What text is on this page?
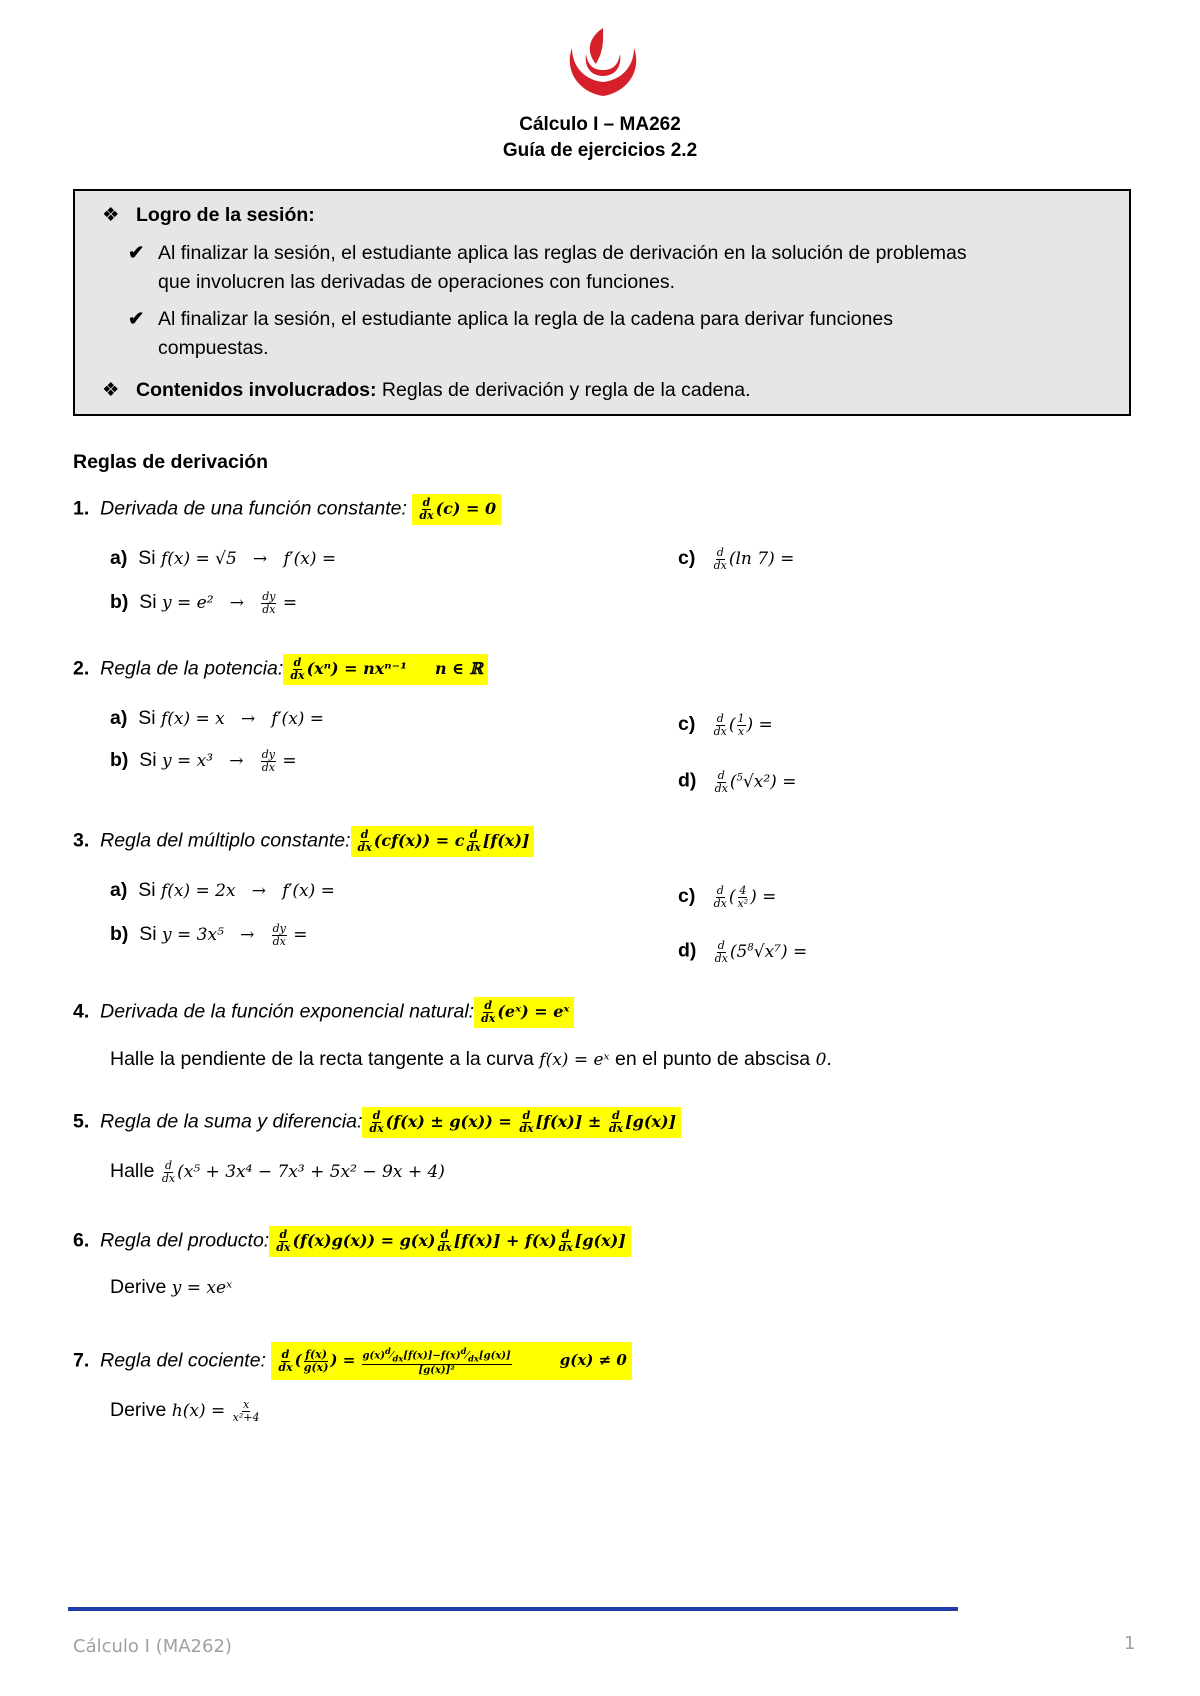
Cálculo I – MA262
Guía de ejercicios 2.2
❖ Logro de la sesión:
✔ Al finalizar la sesión, el estudiante aplica las reglas de derivación en la solución de problemas
que involucren las derivadas de operaciones con funciones.
✔ Al finalizar la sesión, el estudiante aplica la regla de la cadena para derivar funciones
compuestas.
❖ Contenidos involucrados: Reglas de derivación y regla de la cadena.
Reglas de derivación
1. Derivada de una función constante: $\frac{d}{dx} (c) = 0$
a) Si f(x) = √5   →   f′(x) =
b) Si $y = e^2 \to \frac{dy}{dx}$ =
$c) \frac{d}{dx} (\ln$ 7) =
2. Regla de la potencia: $\frac{d}{dx} (x^n) = nx^{n-1}$     n ∈ ℝ
a) Si f(x) = x   →   f′(x) =
b) Si $y = x^3 \to \frac{dy}{dx}$ =
$c) \frac{d}{dx}$ ( $\frac{1}{x}$ ) =
$d) \frac{d}{dx} (^5√x^2)$ =
3. Regla del múltiplo constante: $\frac{d}{dx} (cf(x)) = c \frac{d}{dx} [f(x)]$
a) Si f(x) = 2x   →   f′(x) =
b) Si $y = 3x^5 \to \frac{dy}{dx}$ =
$c) \frac{d}{dx}$ ( $\frac{4}{\text{x²}}$ ) =
$d) \frac{d}{dx} (5^8√x^7)$ =
4. Derivada de la función exponencial natural: $\frac{d}{dx}$ (eˣ) = eˣ
Halle la pendiente de la recta tangente a la curva f(x) = eˣ en el punto de abscisa 0.
5. Regla de la suma y diferencia: $\frac{d}{dx} (f(x) \pm g(x)) = \frac{d}{dx} [f(x)] \pm \frac{d}{dx} [g(x)]$
Halle $\frac{d}{dx} (x^5 + 3x^4 - 7x^3 + 5x^2 - 9x + 4)$
6. Regla del producto: $\frac{d}{dx} (f(x)g(x)) = g(x) \frac{d}{dx} [f(x)] + f(x) \frac{d}{dx} [g(x)]$
Derive y = xeˣ
7. Regla del cociente: $\frac{d}{dx}$ ( $\frac{f(x)}{g(x)}$ ) = $\frac{g(x)^d⁄_{dx}[f(x)]-f(x)^d⁄_{dx}[g(x)]}{\text{[g(x)]²}} g(x) \ne 0$
Derive $h(x) = \frac{x}{\text{x²+4}}$
Cálculo I (MA262)	1
